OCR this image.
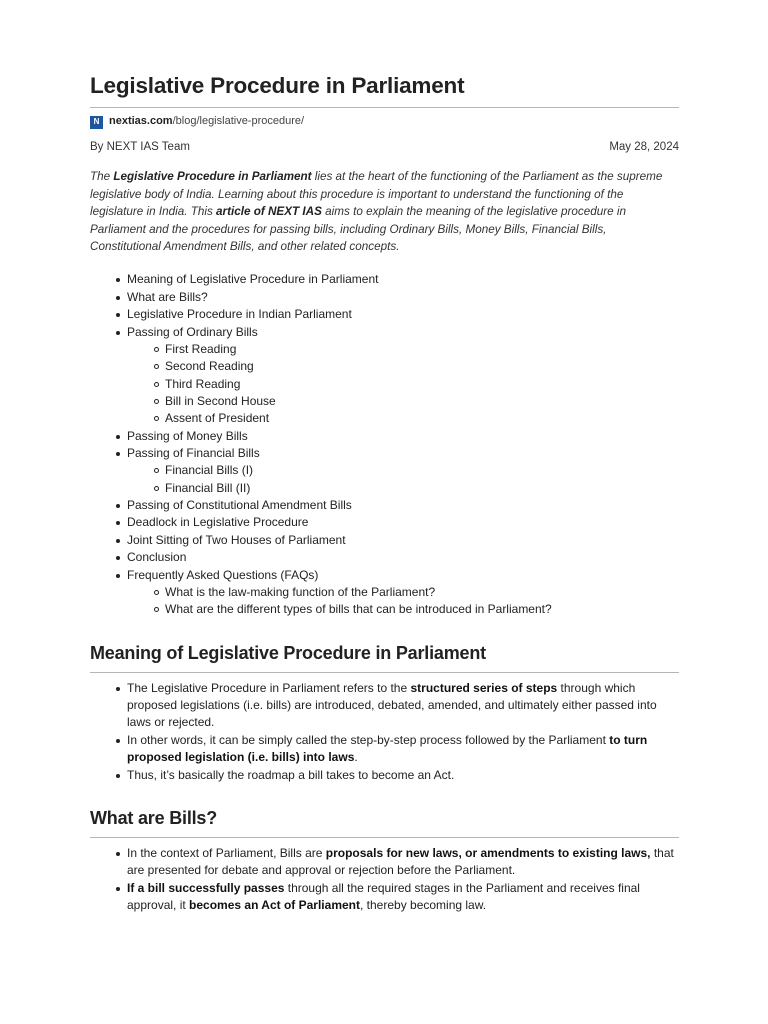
Legislative Procedure in Parliament
N nextias.com/blog/legislative-procedure/
By NEXT IAS Team	May 28, 2024

The Legislative Procedure in Parliament lies at the heart of the functioning of the Parliament as the supreme legislative body of India. Learning about this procedure is important to understand the functioning of the legislature in India. This article of NEXT IAS aims to explain the meaning of the legislative procedure in Parliament and the procedures for passing bills, including Ordinary Bills, Money Bills, Financial Bills, Constitutional Amendment Bills, and other related concepts.

Meaning of Legislative Procedure in Parliament
What are Bills?
Legislative Procedure in Indian Parliament
Passing of Ordinary Bills
First Reading
Second Reading
Third Reading
Bill in Second House
Assent of President
Passing of Money Bills
Passing of Financial Bills
Financial Bills (I)
Financial Bill (II)
Passing of Constitutional Amendment Bills
Deadlock in Legislative Procedure
Joint Sitting of Two Houses of Parliament
Conclusion
Frequently Asked Questions (FAQs)
What is the law-making function of the Parliament?
What are the different types of bills that can be introduced in Parliament?
Meaning of Legislative Procedure in Parliament
The Legislative Procedure in Parliament refers to the structured series of steps through which proposed legislations (i.e. bills) are introduced, debated, amended, and ultimately either passed into laws or rejected.
In other words, it can be simply called the step-by-step process followed by the Parliament to turn proposed legislation (i.e. bills) into laws.
Thus, it’s basically the roadmap a bill takes to become an Act.
What are Bills?
In the context of Parliament, Bills are proposals for new laws, or amendments to existing laws, that are presented for debate and approval or rejection before the Parliament.
If a bill successfully passes through all the required stages in the Parliament and receives final approval, it becomes an Act of Parliament, thereby becoming law.
